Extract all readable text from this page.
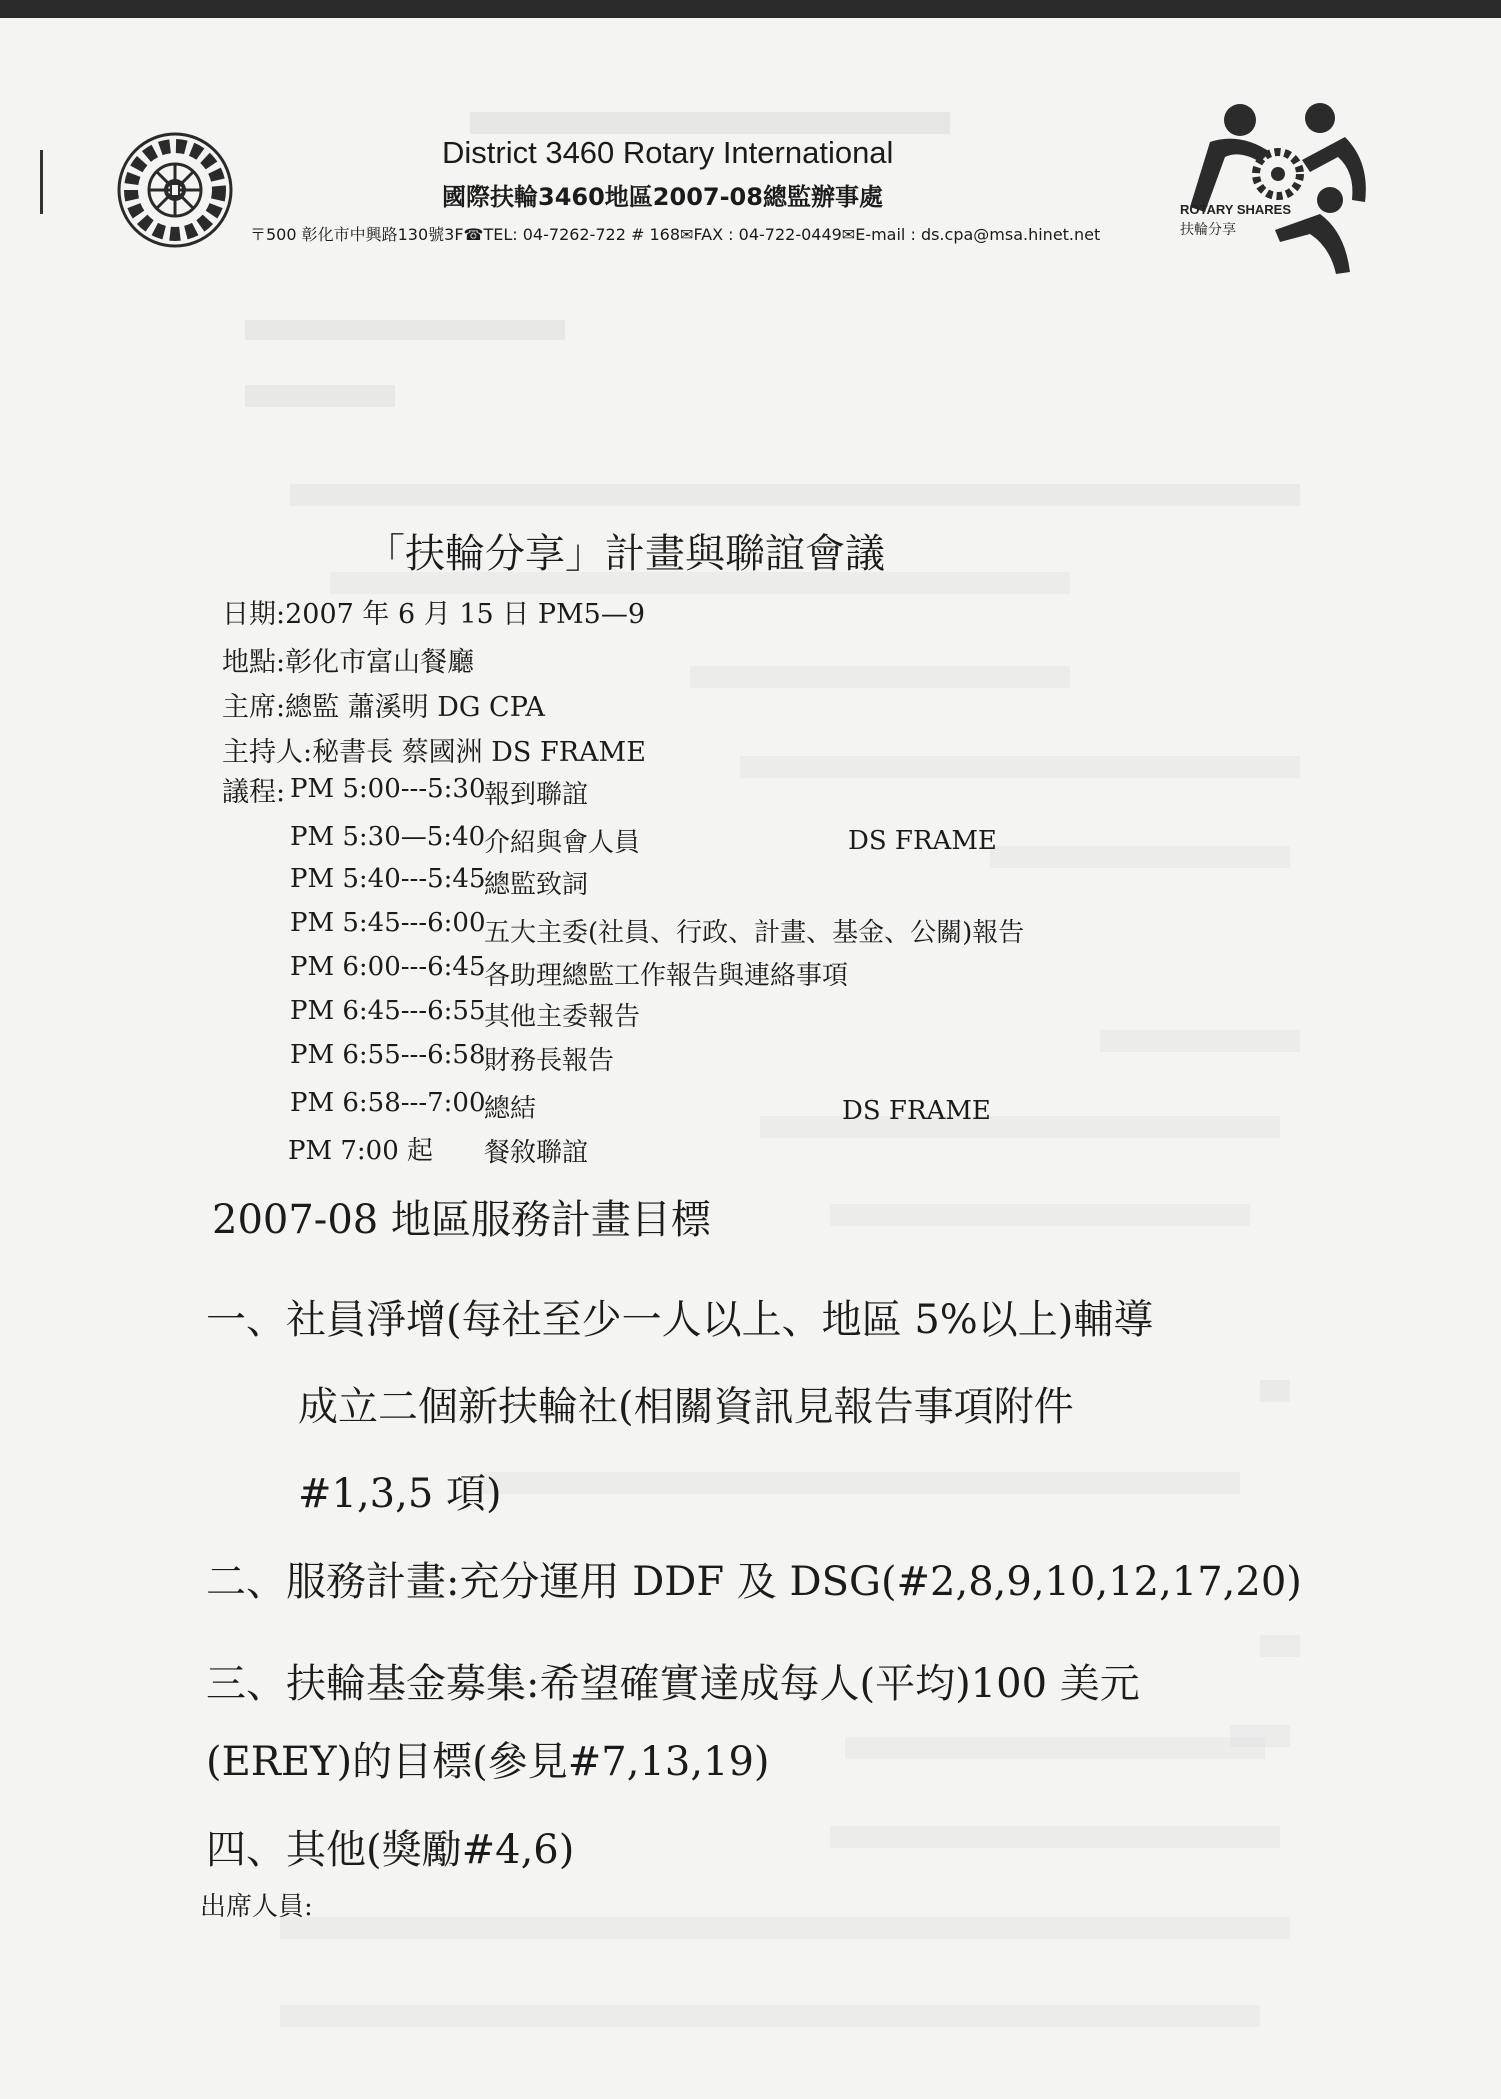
District 3460 Rotary International
國際扶輪3460地區2007-08總監辦事處
〒500 彰化市中興路130號3F☎TEL: 04-7262-722 # 168✉FAX : 04-722-0449✉E-mail : ds.cpa@msa.hinet.net
ROTARY SHARES
扶輪分享
「扶輪分享」計畫與聯誼會議
日期:2007 年 6 月 15 日 PM5—9
地點:彰化市富山餐廳
主席:總監 蕭溪明 DG CPA
主持人:秘書長 蔡國洲 DS FRAME
議程: PM 5:00---5:30
報到聯誼
PM 5:30—5:40
介紹與會人員	DS FRAME
PM 5:40---5:45
總監致詞
PM 5:45---6:00
五大主委(社員、行政、計畫、基金、公關)報告
PM 6:00---6:45
各助理總監工作報告與連絡事項
PM 6:45---6:55
其他主委報告
PM 6:55---6:58
財務長報告
PM 6:58---7:00
總結	DS FRAME
PM 7:00 起 餐敘聯誼
2007-08 地區服務計畫目標
一、社員淨增(每社至少一人以上、地區 5%以上)輔導
成立二個新扶輪社(相關資訊見報告事項附件
#1,3,5 項)
二、服務計畫:充分運用 DDF 及 DSG(#2,8,9,10,12,17,20)
三、扶輪基金募集:希望確實達成每人(平均)100 美元
(EREY)的目標(參見#7,13,19)
四、其他(獎勵#4,6)
出席人員:
